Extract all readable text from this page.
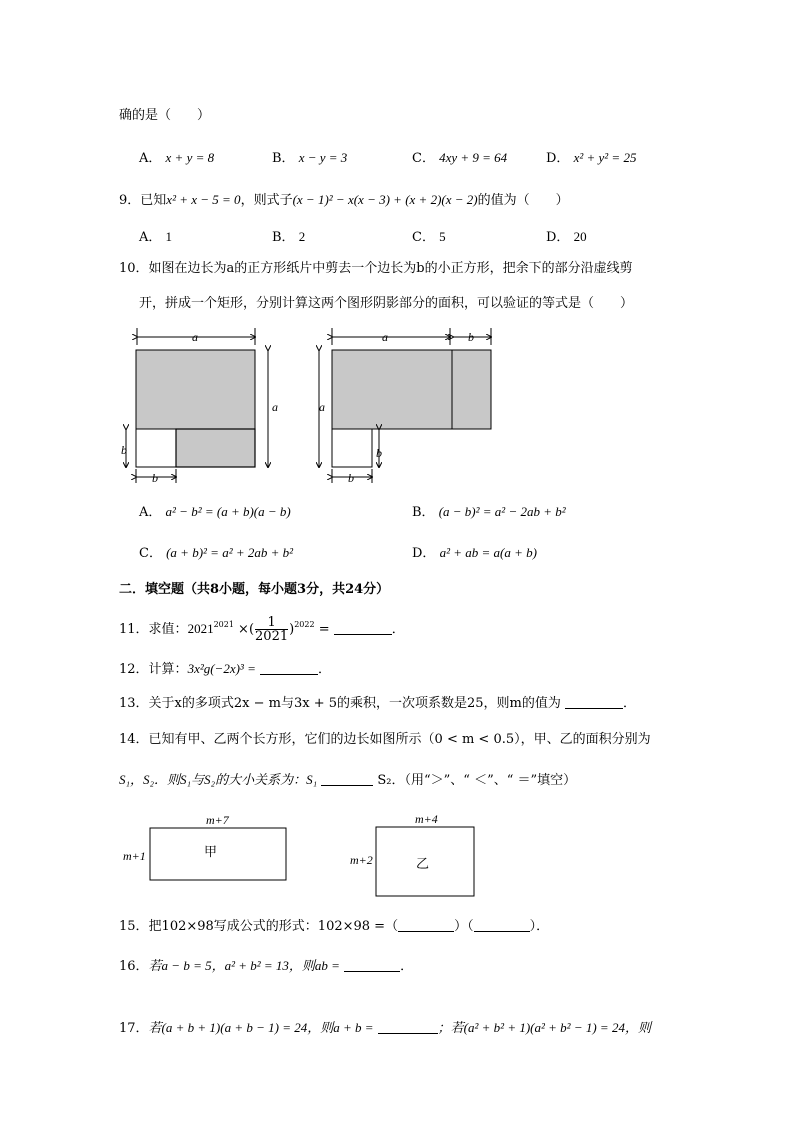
确的是（　　）
A． x + y = 8	B． x − y = 3	C． 4xy + 9 = 64	D． x² + y² = 25
9．已知x² + x − 5 = 0，则式子(x − 1)² − x(x − 3) + (x + 2)(x − 2)的值为（　　）
A． 1	B． 2	C． 5	D． 20
10．如图在边长为a的正方形纸片中剪去一个边长为b的小正方形，把余下的部分沿虚线剪
开，拼成一个矩形，分别计算这两个图形阴影部分的面积，可以验证的等式是（　　）
a
a
b
b
a	b
a
b
b
A． a² − b² = (a + b)(a − b)	B． (a − b)² = a² − 2ab + b²
C． (a + b)² = a² + 2ab + b²	D． a² + ab = a(a + b)
二．填空题（共8小题，每小题3分，共24分）
11．求值：$2021^{2021}$ ×( $\frac{1}{2021} )^{2022}$ =	．
12．计算：3x²g(−2x)³ =	．
13．关于x的多项式2x − m与3x + 5的乘积，一次项系数是25，则m的值为	．
14．已知有甲、乙两个长方形，它们的边长如图所示（0 < m < 0.5），甲、乙的面积分别为
S₁，S₂．则S₁与S₂的大小关系为：S₁	S₂．（用“＞”、“ ＜”、“ ＝”填空）
m+7
m+1	甲
m+4
m+2	乙
15．把102×98写成公式的形式：102×98 =（	）（	）．
16．若a − b = 5，a² + b² = 13，则ab =	．
17．若(a + b + 1)(a + b − 1) = 24，则a + b =	；若(a² + b² + 1)(a² + b² − 1) = 24，则
